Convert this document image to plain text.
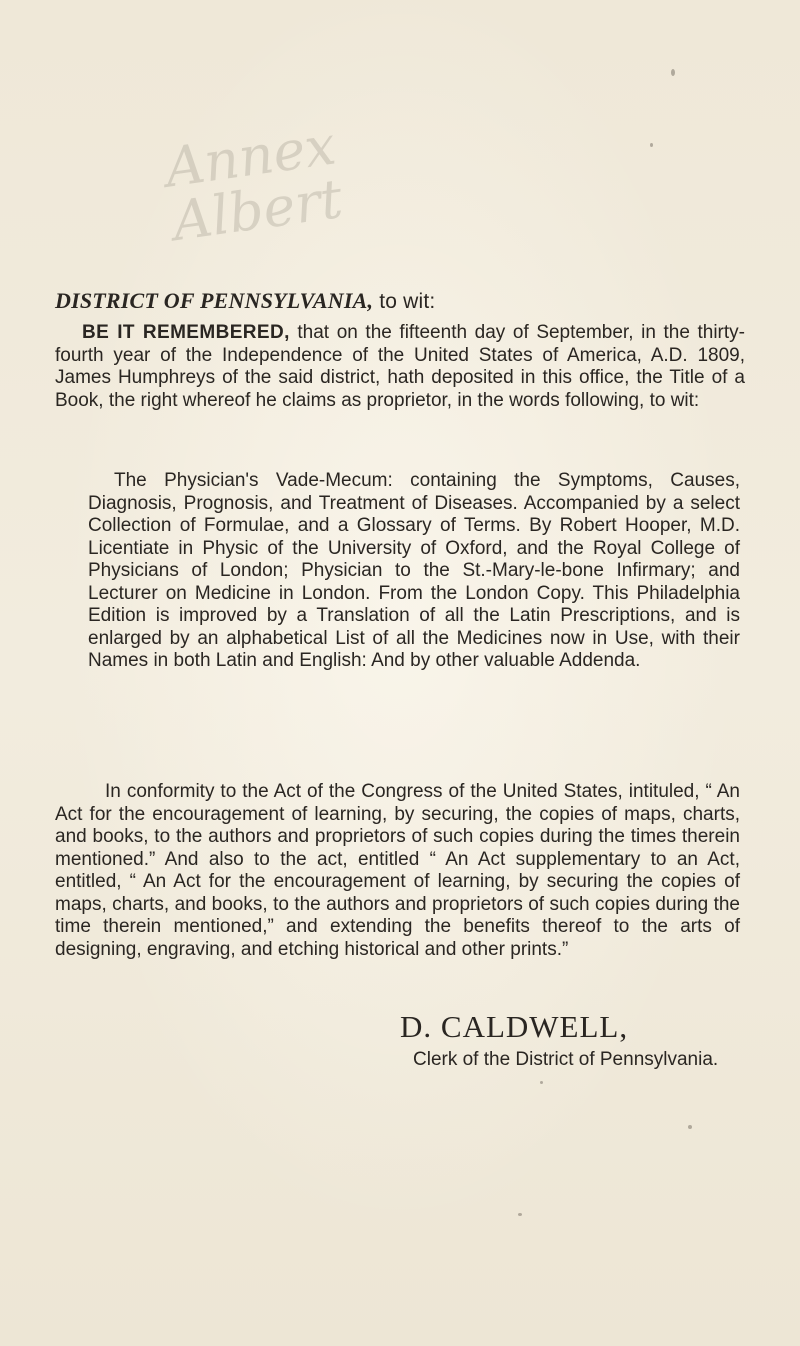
Annex
Albert
DISTRICT OF PENNSYLVANIA, to wit:
BE IT REMEMBERED, that on the fifteenth day of September, in the thirty-fourth year of the Independence of the United States of America, A.D. 1809, James Humphreys of the said district, hath deposited in this office, the Title of a Book, the right whereof he claims as proprietor, in the words following, to wit:
The Physician's Vade-Mecum: containing the Symptoms, Causes, Diagnosis, Prognosis, and Treatment of Diseases. Accompanied by a select Collection of Formulae, and a Glossary of Terms. By Robert Hooper, M.D. Licentiate in Physic of the University of Oxford, and the Royal College of Physicians of London; Physician to the St.-Mary-le-bone Infirmary; and Lecturer on Medicine in London. From the London Copy. This Philadelphia Edition is improved by a Translation of all the Latin Prescriptions, and is enlarged by an alphabetical List of all the Medicines now in Use, with their Names in both Latin and English: And by other valuable Addenda.
In conformity to the Act of the Congress of the United States, intituled, “ An Act for the encouragement of learning, by securing, the copies of maps, charts, and books, to the authors and proprietors of such copies during the times therein mentioned.” And also to the act, entitled “ An Act supplementary to an Act, entitled, “ An Act for the encouragement of learning, by securing the copies of maps, charts, and books, to the authors and proprietors of such copies during the time therein mentioned,” and extending the benefits thereof to the arts of designing, engraving, and etching historical and other prints.”
D. CALDWELL,
Clerk of the District of Pennsylvania.
